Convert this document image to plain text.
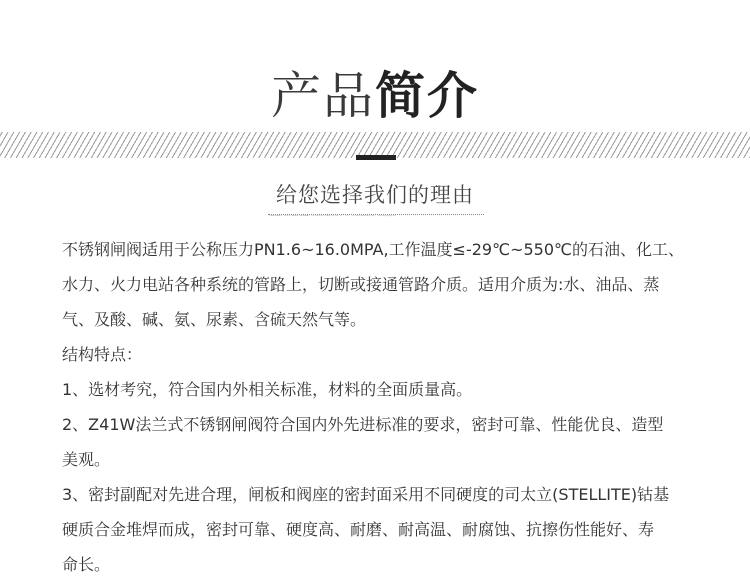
产品简介
给您选择我们的理由
不锈钢闸阀适用于公称压力PN1.6~16.0MPA,工作温度≤-29℃~550℃的石油、化工、水力、火力电站各种系统的管路上，切断或接通管路介质

不锈钢闸阀适用于公称压力PN1.6~16.0MPA,工作温度≤-29℃~550℃的石油、化工、

水力、火力电站各种系统的管路上，切断或接通管路介质。适用介质为:水、油品、蒸

气、及酸、碱、氨、尿素、含硫天然气等。

结构特点：

1、选材考究，符合国内外相关标准，材料的全面质量高。

2、Z41W法兰式不锈钢闸阀符合国内外先进标准的要求，密封可靠、性能优良、造型

美观。

3、密封副配对先进合理，闸板和阀座的密封面采用不同硬度的司太立(STELLITE)钴基

硬质合金堆焊而成，密封可靠、硬度高、耐磨、耐高温、耐腐蚀、抗擦伤性能好、寿

命长。
